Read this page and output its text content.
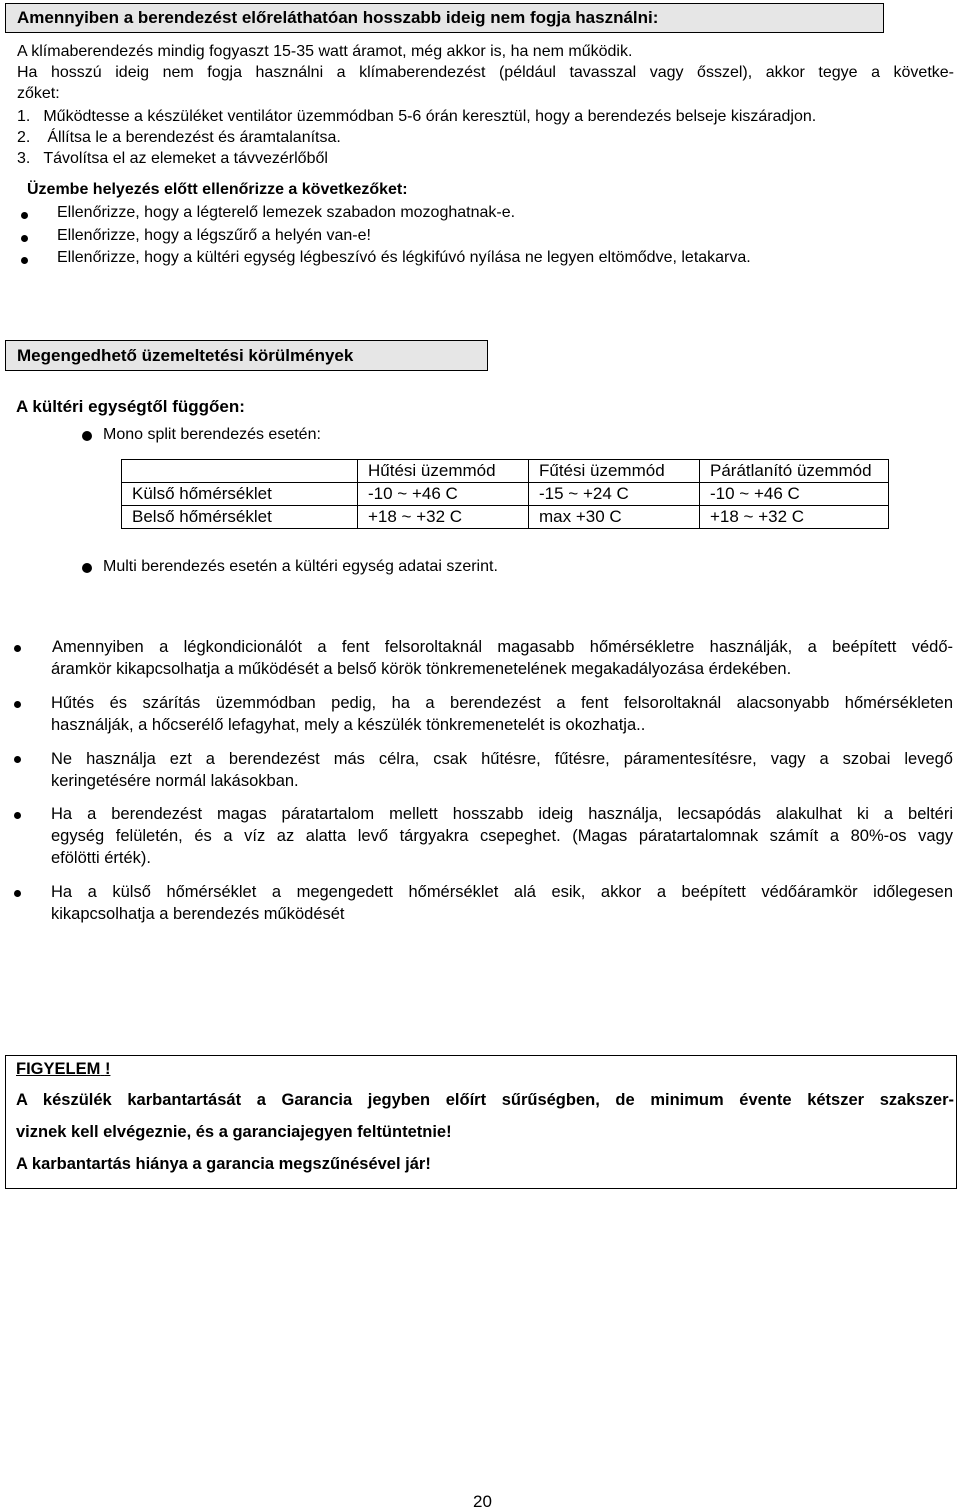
Amennyiben a berendezést előreláthatóan hosszabb ideig nem fogja használni:
A klímaberendezés mindig fogyaszt 15-35 watt áramot, még akkor is, ha nem működik.
Ha hosszú ideig nem fogja használni a klímaberendezést (például tavasszal vagy ősszel), akkor tegye a követke-
zőket:
1. Működtesse a készüléket ventilátor üzemmódban 5-6 órán keresztül, hogy a berendezés belseje kiszáradjon.
2. Állítsa le a berendezést és áramtalanítsa.
3. Távolítsa el az elemeket a távvezérlőből
Üzembe helyezés előtt ellenőrizze a következőket:
Ellenőrizze, hogy a légterelő lemezek szabadon mozoghatnak-e.
Ellenőrizze, hogy a légszűrő a helyén van-e!
Ellenőrizze, hogy a kültéri egység légbeszívó és légkifúvó nyílása ne legyen eltömődve, letakarva.
Megengedhető üzemeltetési körülmények
A kültéri egységtől függően:
Mono split berendezés esetén:
	Hűtési üzemmód	Fűtési üzemmód	Párátlanító üzemmód
Külső hőmérséklet	-10 ~ +46 C	-15 ~ +24 C	-10 ~ +46 C
Belső hőmérséklet	+18 ~ +32 C	max +30 C	+18 ~ +32 C
Multi berendezés esetén a kültéri egység adatai szerint.
Amennyiben a légkondicionálót a fent felsoroltaknál magasabb hőmérsékletre használják, a beépített védő-
áramkör kikapcsolhatja a működését a belső körök tönkremenetelének megakadályozása érdekében.
Hűtés és szárítás üzemmódban pedig, ha a berendezést a fent felsoroltaknál alacsonyabb hőmérsékleten
használják, a hőcserélő lefagyhat, mely a készülék tönkremenetelét is okozhatja..
Ne használja ezt a berendezést más célra, csak hűtésre, fűtésre, páramentesítésre, vagy a szobai levegő
keringetésére normál lakásokban.
Ha a berendezést magas páratartalom mellett hosszabb ideig használja, lecsapódás alakulhat ki a beltéri
egység felületén, és a víz az alatta levő tárgyakra csepeghet. (Magas páratartalomnak számít a 80%-os vagy
efölötti érték).
Ha a külső hőmérséklet a megengedett hőmérséklet alá esik, akkor a beépített védőáramkör időlegesen
kikapcsolhatja a berendezés működését
FIGYELEM !
A készülék karbantartását a Garancia jegyben előírt sűrűségben, de minimum évente kétszer szakszer-
viznek kell elvégeznie, és a garanciajegyen feltüntetnie!
A karbantartás hiánya a garancia megszűnésével jár!
20
